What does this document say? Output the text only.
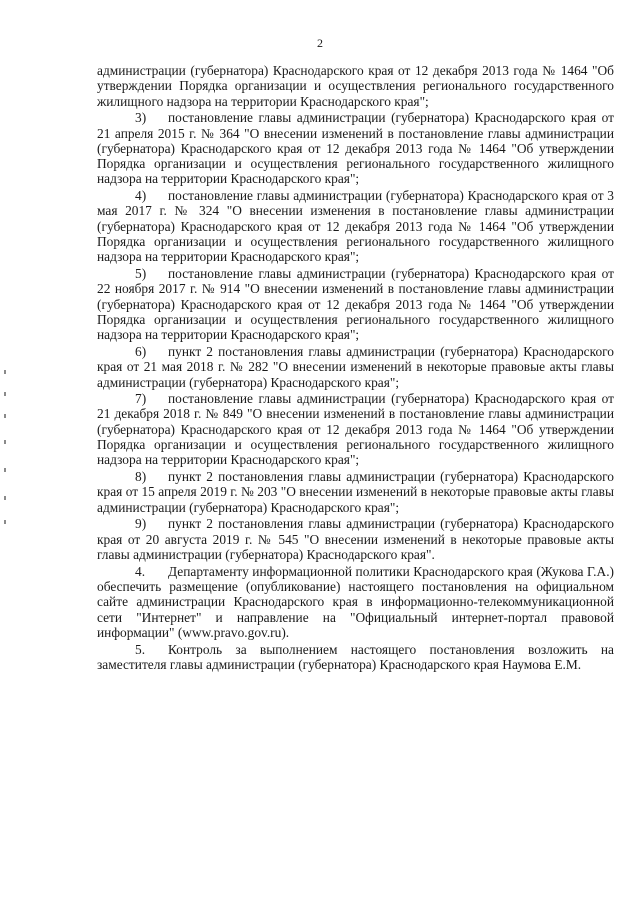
2

администрации (губернатора) Краснодарского края от 12 декабря 2013 года № 1464 "Об утверждении Порядка организации и осуществления регионального государственного жилищного надзора на территории Краснодарского края";

3) постановление главы администрации (губернатора) Краснодарского края от 21 апреля 2015 г. № 364 "О внесении изменений в постановление главы администрации (губернатора) Краснодарского края от 12 декабря 2013 года № 1464 "Об утверждении Порядка организации и осуществления регионального государственного жилищного надзора на территории Краснодарского края";

4) постановление главы администрации (губернатора) Краснодарского края от 3 мая 2017 г. № 324 "О внесении изменения в постановление главы администрации (губернатора) Краснодарского края от 12 декабря 2013 года № 1464 "Об утверждении Порядка организации и осуществления регионального государственного жилищного надзора на территории Краснодарского края";

5) постановление главы администрации (губернатора) Краснодарского края от 22 ноября 2017 г. № 914 "О внесении изменений в постановление главы администрации (губернатора) Краснодарского края от 12 декабря 2013 года № 1464 "Об утверждении Порядка организации и осуществления регионального государственного жилищного надзора на территории Краснодарского края";

6) пункт 2 постановления главы администрации (губернатора) Краснодарского края от 21 мая 2018 г. № 282 "О внесении изменений в некоторые правовые акты главы администрации (губернатора) Краснодарского края";

7) постановление главы администрации (губернатора) Краснодарского края от 21 декабря 2018 г. № 849 "О внесении изменений в постановление главы администрации (губернатора) Краснодарского края от 12 декабря 2013 года № 1464 "Об утверждении Порядка организации и осуществления регионального государственного жилищного надзора на территории Краснодарского края";

8) пункт 2 постановления главы администрации (губернатора) Краснодарского края от 15 апреля 2019 г. № 203 "О внесении изменений в некоторые правовые акты главы администрации (губернатора) Краснодарского края";

9) пункт 2 постановления главы администрации (губернатора) Краснодарского края от 20 августа 2019 г. № 545 "О внесении изменений в некоторые правовые акты главы администрации (губернатора) Краснодарского края".

4. Департаменту информационной политики Краснодарского края (Жукова Г.А.) обеспечить размещение (опубликование) настоящего постановления на официальном сайте администрации Краснодарского края в информационно-телекоммуникационной сети "Интернет" и направление на "Официальный интернет-портал правовой информации" (www.pravo.gov.ru).

5. Контроль за выполнением настоящего постановления возложить на заместителя главы администрации (губернатора) Краснодарского края Наумова Е.М.
